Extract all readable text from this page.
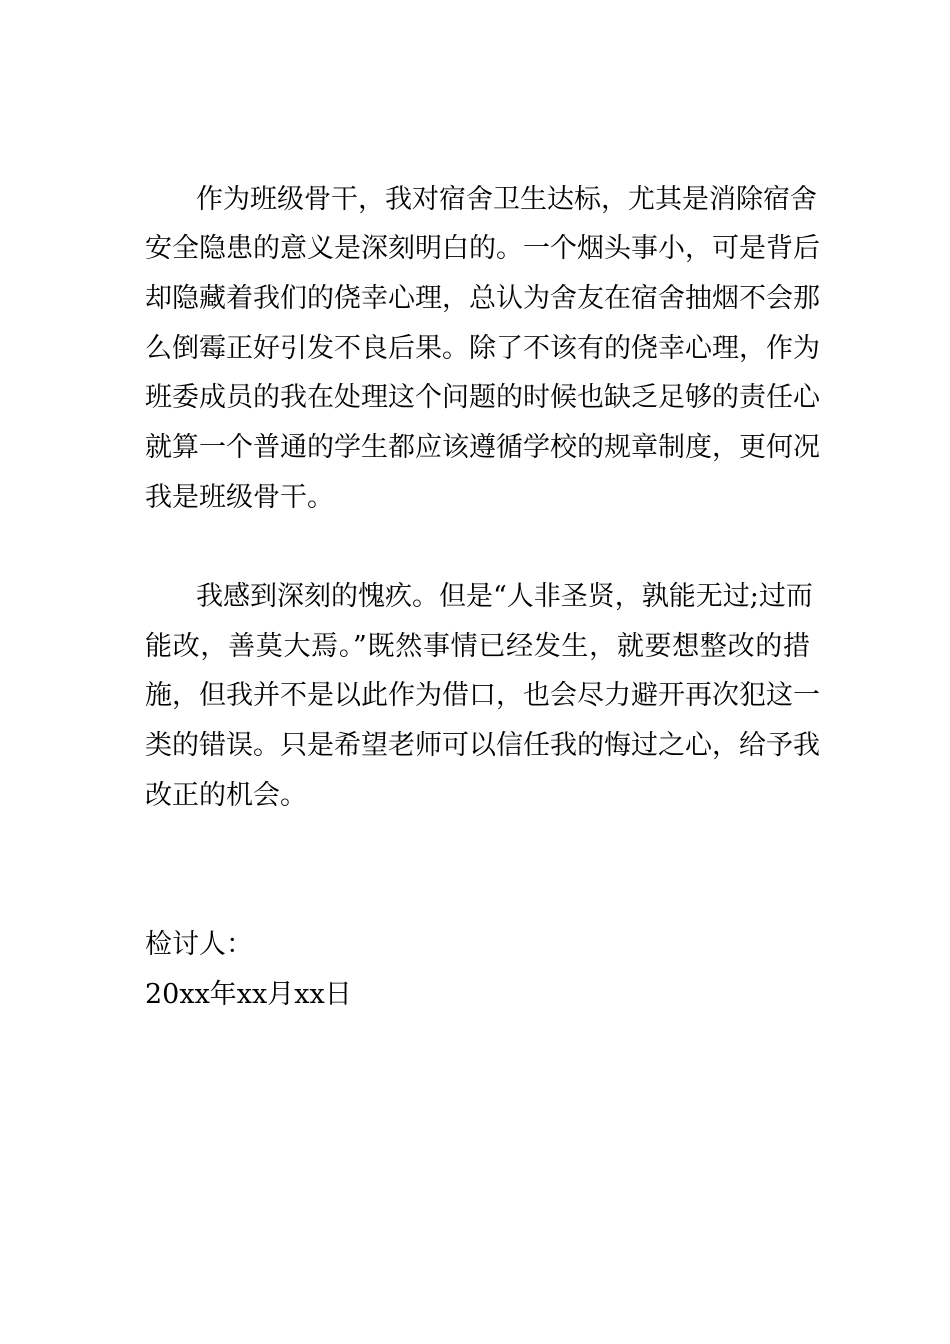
作为班级骨干，我对宿舍卫生达标，尤其是消除宿舍
安全隐患的意义是深刻明白的。一个烟头事小，可是背后
却隐藏着我们的侥幸心理，总认为舍友在宿舍抽烟不会那
么倒霉正好引发不良后果。除了不该有的侥幸心理，作为
班委成员的我在处理这个问题的时候也缺乏足够的责任心
就算一个普通的学生都应该遵循学校的规章制度，更何况
我是班级骨干。
我感到深刻的愧疚。但是“人非圣贤，孰能无过;过而
能改，善莫大焉。”既然事情已经发生，就要想整改的措
施，但我并不是以此作为借口，也会尽力避开再次犯这一
类的错误。只是希望老师可以信任我的悔过之心，给予我
改正的机会。
检讨人：
20xx年xx月xx日
